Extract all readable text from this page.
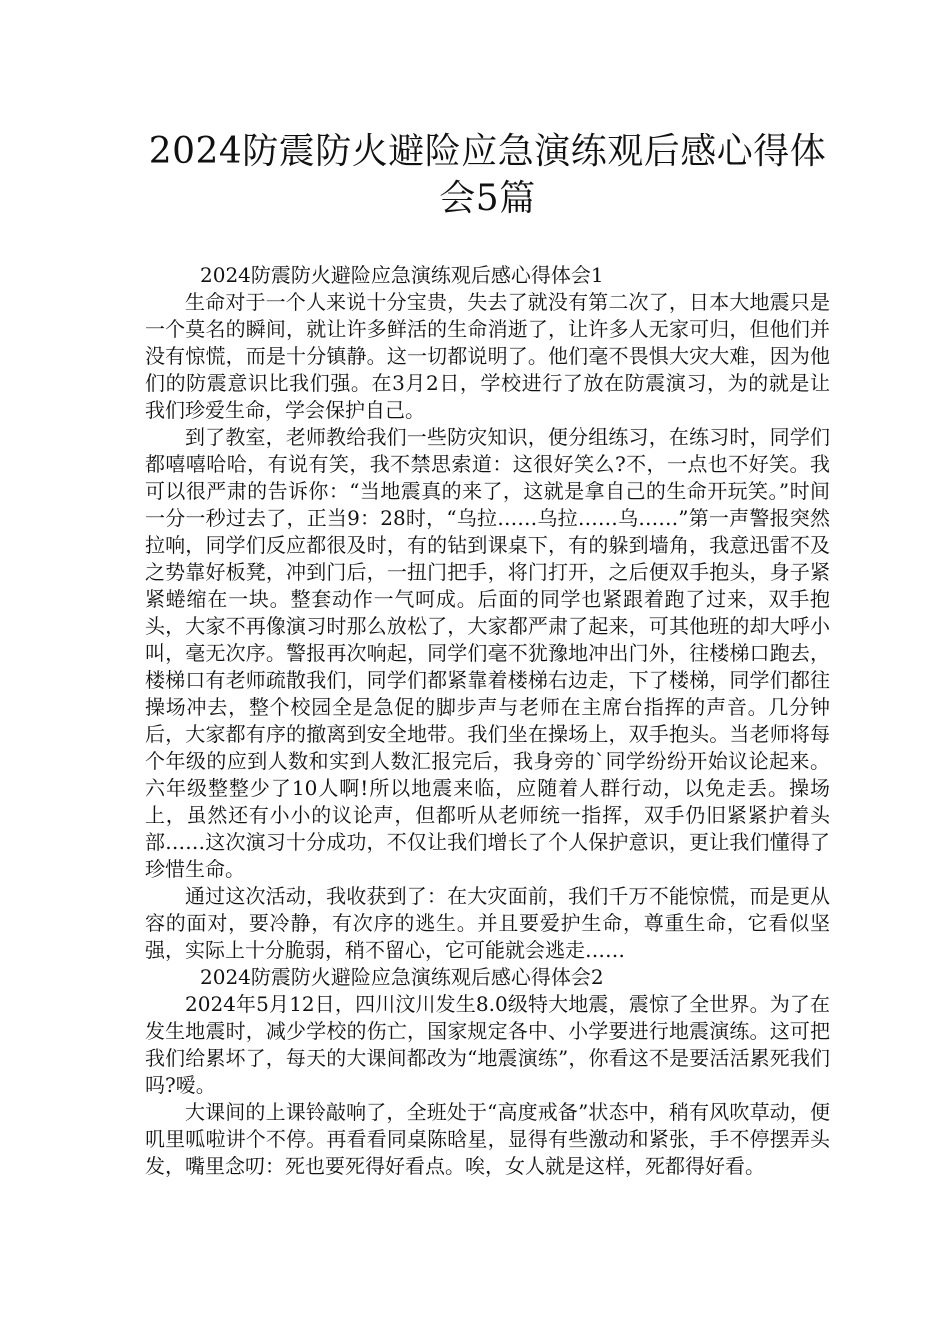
2024防震防火避险应急演练观后感心得体
会5篇
2024防震防火避险应急演练观后感心得体会1

生命对于一个人来说十分宝贵，失去了就没有第二次了，日本大地震只是一个莫名的瞬间，就让许多鲜活的生命消逝了，让许多人无家可归，但他们并没有惊慌，而是十分镇静。这一切都说明了。他们毫不畏惧大灾大难，因为他们的防震意识比我们强。在3月2日，学校进行了放在防震演习，为的就是让我们珍爱生命，学会保护自己。

到了教室，老师教给我们一些防灾知识，便分组练习，在练习时，同学们都嘻嘻哈哈，有说有笑，我不禁思索道：这很好笑么?不，一点也不好笑。我可以很严肃的告诉你：“当地震真的来了，这就是拿自己的生命开玩笑。”时间一分一秒过去了，正当9：28时，“乌拉……乌拉……乌……”第一声警报突然拉响，同学们反应都很及时，有的钻到课桌下，有的躲到墙角，我意迅雷不及之势靠好板凳，冲到门后，一扭门把手，将门打开，之后便双手抱头，身子紧紧蜷缩在一块。整套动作一气呵成。后面的同学也紧跟着跑了过来，双手抱头，大家不再像演习时那么放松了，大家都严肃了起来，可其他班的却大呼小叫，毫无次序。警报再次响起，同学们毫不犹豫地冲出门外，往楼梯口跑去，楼梯口有老师疏散我们，同学们都紧靠着楼梯右边走，下了楼梯，同学们都往操场冲去，整个校园全是急促的脚步声与老师在主席台指挥的声音。几分钟后，大家都有序的撤离到安全地带。我们坐在操场上，双手抱头。当老师将每个年级的应到人数和实到人数汇报完后，我身旁的`同学纷纷开始议论起来。六年级整整少了10人啊!所以地震来临，应随着人群行动，以免走丢。操场上，虽然还有小小的议论声，但都听从老师统一指挥，双手仍旧紧紧护着头部……这次演习十分成功，不仅让我们增长了个人保护意识，更让我们懂得了珍惜生命。

通过这次活动，我收获到了：在大灾面前，我们千万不能惊慌，而是更从容的面对，要冷静，有次序的逃生。并且要爱护生命，尊重生命，它看似坚强，实际上十分脆弱，稍不留心，它可能就会逃走……

2024防震防火避险应急演练观后感心得体会2

2024年5月12日，四川汶川发生8.0级特大地震，震惊了全世界。为了在发生地震时，减少学校的伤亡，国家规定各中、小学要进行地震演练。这可把我们给累坏了，每天的大课间都改为“地震演练”，你看这不是要活活累死我们吗?嗳。

大课间的上课铃敲响了，全班处于“高度戒备”状态中，稍有风吹草动，便叽里呱啦讲个不停。再看看同桌陈晗星，显得有些激动和紧张，手不停摆弄头发，嘴里念叨：死也要死得好看点。唉，女人就是这样，死都得好看。
